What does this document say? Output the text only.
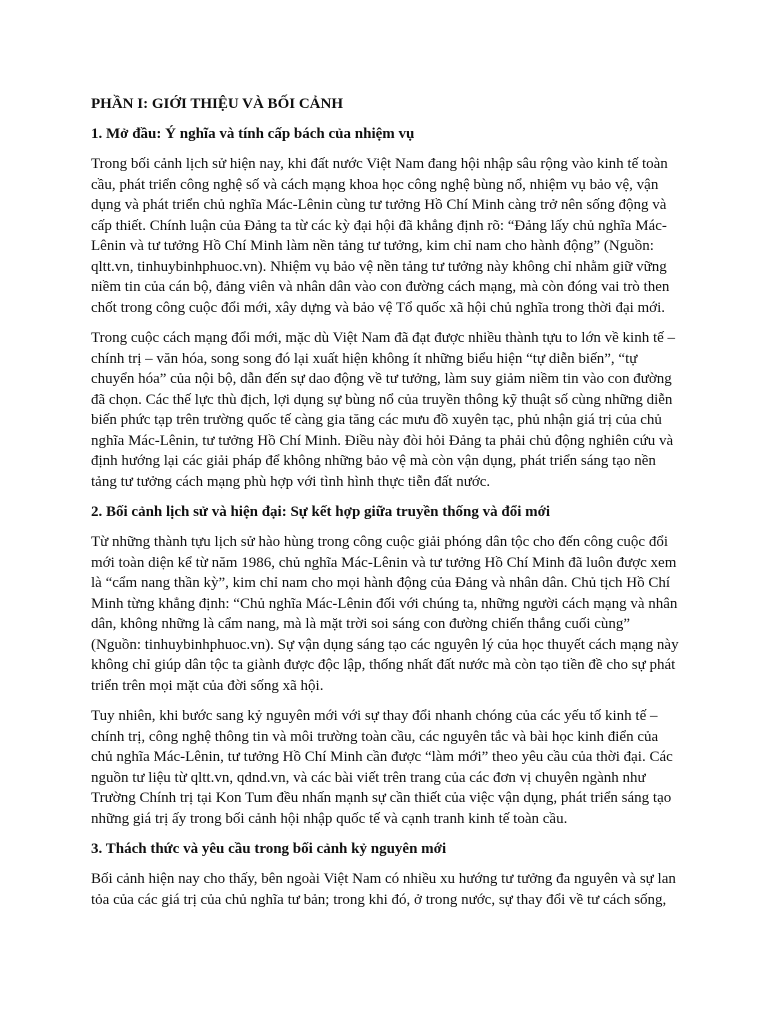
PHẦN I: GIỚI THIỆU VÀ BỐI CẢNH
1. Mở đầu: Ý nghĩa và tính cấp bách của nhiệm vụ

Trong bối cảnh lịch sử hiện nay, khi đất nước Việt Nam đang hội nhập sâu rộng vào kinh tế toàn cầu, phát triển công nghệ số và cách mạng khoa học công nghệ bùng nổ, nhiệm vụ bảo vệ, vận dụng và phát triển chủ nghĩa Mác-Lênin cùng tư tưởng Hồ Chí Minh càng trở nên sống động và cấp thiết. Chính luận của Đảng ta từ các kỳ đại hội đã khẳng định rõ: “Đảng lấy chủ nghĩa Mác-Lênin và tư tưởng Hồ Chí Minh làm nền tảng tư tưởng, kim chỉ nam cho hành động” (Nguồn: qltt.vn, tinhuybinhphuoc.vn). Nhiệm vụ bảo vệ nền tảng tư tưởng này không chỉ nhằm giữ vững niềm tin của cán bộ, đảng viên và nhân dân vào con đường cách mạng, mà còn đóng vai trò then chốt trong công cuộc đổi mới, xây dựng và bảo vệ Tổ quốc xã hội chủ nghĩa trong thời đại mới.

Trong cuộc cách mạng đổi mới, mặc dù Việt Nam đã đạt được nhiều thành tựu to lớn về kinh tế – chính trị – văn hóa, song song đó lại xuất hiện không ít những biểu hiện “tự diễn biến”, “tự chuyển hóa” của nội bộ, dẫn đến sự dao động về tư tưởng, làm suy giảm niềm tin vào con đường đã chọn. Các thế lực thù địch, lợi dụng sự bùng nổ của truyền thông kỹ thuật số cùng những diễn biến phức tạp trên trường quốc tế càng gia tăng các mưu đồ xuyên tạc, phủ nhận giá trị của chủ nghĩa Mác-Lênin, tư tưởng Hồ Chí Minh. Điều này đòi hỏi Đảng ta phải chủ động nghiên cứu và định hướng lại các giải pháp để không những bảo vệ mà còn vận dụng, phát triển sáng tạo nền tảng tư tưởng cách mạng phù hợp với tình hình thực tiễn đất nước.

2. Bối cảnh lịch sử và hiện đại: Sự kết hợp giữa truyền thống và đổi mới

Từ những thành tựu lịch sử hào hùng trong công cuộc giải phóng dân tộc cho đến công cuộc đổi mới toàn diện kể từ năm 1986, chủ nghĩa Mác-Lênin và tư tưởng Hồ Chí Minh đã luôn được xem là “cẩm nang thần kỳ”, kim chỉ nam cho mọi hành động của Đảng và nhân dân. Chủ tịch Hồ Chí Minh từng khẳng định: “Chủ nghĩa Mác-Lênin đối với chúng ta, những người cách mạng và nhân dân, không những là cẩm nang, mà là mặt trời soi sáng con đường chiến thắng cuối cùng” (Nguồn: tinhuybinhphuoc.vn). Sự vận dụng sáng tạo các nguyên lý của học thuyết cách mạng này không chỉ giúp dân tộc ta giành được độc lập, thống nhất đất nước mà còn tạo tiền đề cho sự phát triển trên mọi mặt của đời sống xã hội.

Tuy nhiên, khi bước sang kỷ nguyên mới với sự thay đổi nhanh chóng của các yếu tố kinh tế – chính trị, công nghệ thông tin và môi trường toàn cầu, các nguyên tắc và bài học kinh điển của chủ nghĩa Mác-Lênin, tư tưởng Hồ Chí Minh cần được “làm mới” theo yêu cầu của thời đại. Các nguồn tư liệu từ qltt.vn, qdnd.vn, và các bài viết trên trang của các đơn vị chuyên ngành như Trường Chính trị tại Kon Tum đều nhấn mạnh sự cần thiết của việc vận dụng, phát triển sáng tạo những giá trị ấy trong bối cảnh hội nhập quốc tế và cạnh tranh kinh tế toàn cầu.

3. Thách thức và yêu cầu trong bối cảnh kỷ nguyên mới

Bối cảnh hiện nay cho thấy, bên ngoài Việt Nam có nhiều xu hướng tư tưởng đa nguyên và sự lan tỏa của các giá trị của chủ nghĩa tư bản; trong khi đó, ở trong nước, sự thay đổi về tư cách sống,
